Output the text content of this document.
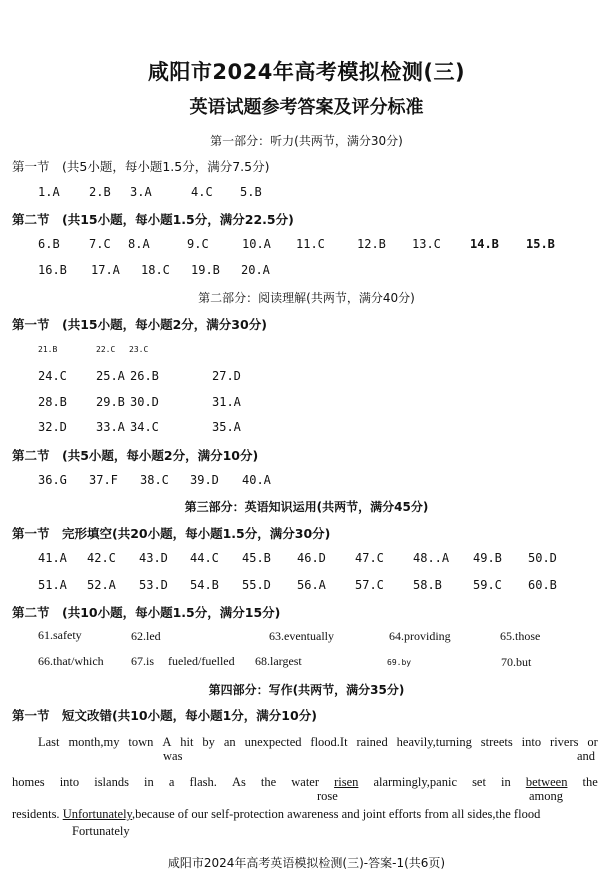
咸阳市2024年高考模拟检测(三)
英语试题参考答案及评分标准
第一部分：听力(共两节，满分30分)
第一节　(共5小题，每小题1.5分，满分7.5分)
1.A 2.B 3.A	4.C 5.B
第二节　(共15小题，每小题1.5分，满分22.5分)
6.B 7.C 8.A	9.C	10.A 11.C	12.B 13.C 14.B 15.B
16.B 17.A 18.C 19.B 20.A
第二部分：阅读理解(共两节，满分40分)
第一节　(共15小题，每小题2分，满分30分)
21.B	22.C 23.C
24.C 25.A 26.B	27.D
28.B 29.B 30.D	31.A
32.D 33.A 34.C	35.A
第二节　(共5小题，每小题2分，满分10分)
36.G 37.F 38.C 39.D 40.A
第三部分：英语知识运用(共两节，满分45分)
第一节　完形填空(共20小题，每小题1.5分，满分30分)
41.A 42.C 43.D 44.C 45.B 46.D 47.C 48..A 49.B 50.D
51.A 52.A 53.D 54.B 55.D 56.A 57.C 58.B	59.C 60.B
第二节　(共10小题，每小题1.5分，满分15分)
61.safety	62.led	63.eventually	64.providing	65.those
66.that/which 67.is fueled/fuelled 68.largest	69.by	70.but
第四部分：写作(共两节，满分35分)
第一节　短文改错(共10小题，每小题1分，满分10分)
Last month,my town A hit by an unexpected flood.It rained heavily,turning streets into rivers or
was	and
homes into islands in a flash. As the water risen alarmingly,panic set in between the
rose	among
residents. Unfortunately,because of our self-protection awareness and joint efforts from all sides,the flood
Fortunately
咸阳市2024年高考英语模拟检测(三)-答案-1(共6页)
